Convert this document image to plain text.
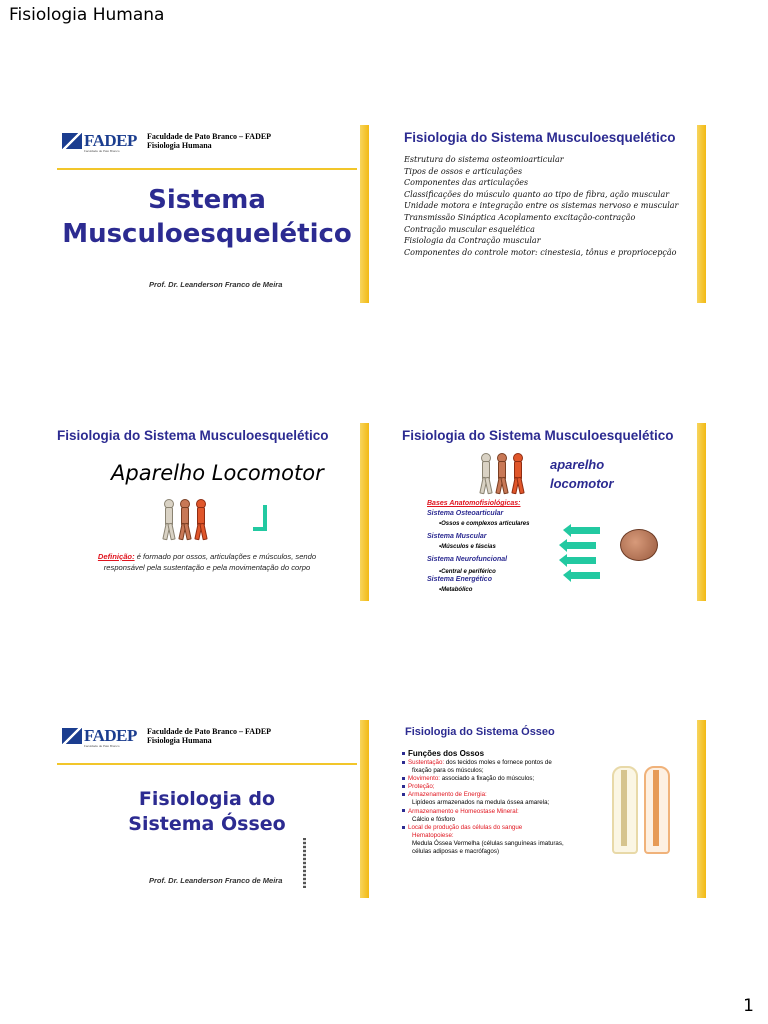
Fisiologia Humana
FADEP
Faculdade de Pato Branco
Faculdade de Pato Branco – FADEP
Fisiologia Humana
Sistema
Musculoesquelético
Prof. Dr. Leanderson Franco de Meira
Fisiologia do Sistema Musculoesquelético
Estrutura do sistema osteomioarticular
Tipos de ossos e articulações
Componentes das articulações
Classificações do músculo quanto ao tipo de fibra, ação muscular
Unidade motora e integração entre os sistemas nervoso e muscular
Transmissão Sináptica Acoplamento excitação-contração
Contração muscular esquelética
Fisiologia da Contração muscular
Componentes do controle motor: cinestesia, tônus e propriocepção
Fisiologia do Sistema Musculoesquelético
Aparelho Locomotor
Definição: é formado por ossos, articulações e músculos, sendo
responsável pela sustentação e pela movimentação do corpo
Fisiologia do Sistema Musculoesquelético
aparelho
locomotor
Bases Anatomofisiológicas:
Sistema Osteoarticular
•Ossos e complexos articulares
Sistema Muscular
•Músculos e fáscias
Sistema Neurofuncional
•Central e periférico
Sistema Energético
•Metabólico
FADEP
Faculdade de Pato Branco
Faculdade de Pato Branco – FADEP
Fisiologia Humana
Fisiologia do
Sistema Ósseo
Prof. Dr. Leanderson Franco de Meira
Fisiologia do Sistema Ósseo
Funções dos Ossos
Sustentação: dos tecidos moles e fornece pontos de
fixação para os músculos;
Movimento: associado a fixação do músculos;
Proteção;
Armazenamento de Energia:
Lipídeos armazenados na medula óssea amarela;
Armazenamento e Homeostase Mineral:
Cálcio e fósforo
Local de produção das células do sangue
Hematopoiese:
Medula Óssea Vermelha (células sanguíneas imaturas,
células adiposas e macrófagos)
1
